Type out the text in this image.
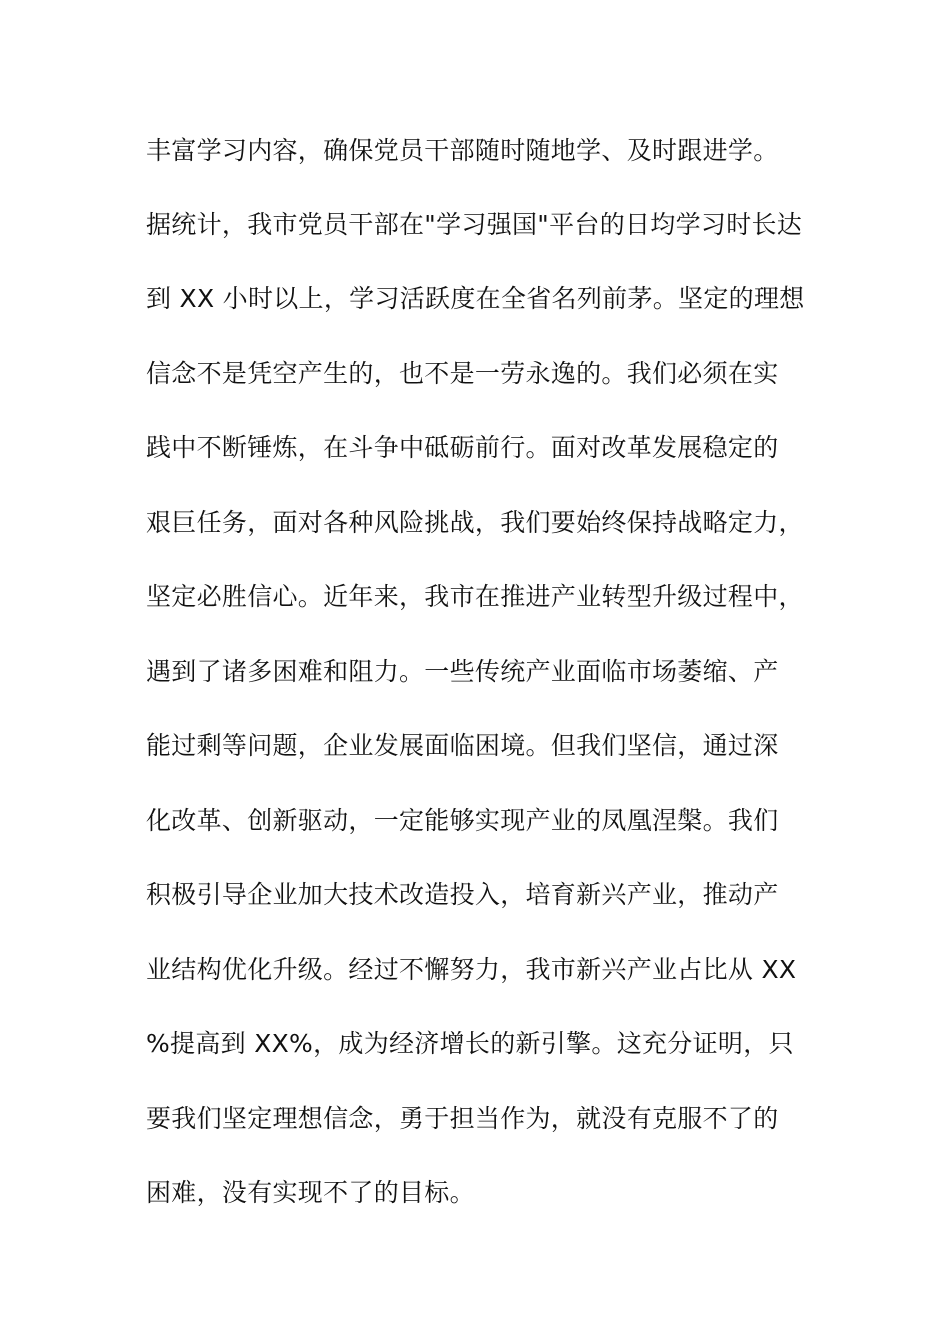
丰富学习内容，确保党员干部随时随地学、及时跟进学。
据统计，我市党员干部在"学习强国"平台的日均学习时长达
到 XX 小时以上，学习活跃度在全省名列前茅。坚定的理想
信念不是凭空产生的，也不是一劳永逸的。我们必须在实
践中不断锤炼，在斗争中砥砺前行。面对改革发展稳定的
艰巨任务，面对各种风险挑战，我们要始终保持战略定力，
坚定必胜信心。近年来，我市在推进产业转型升级过程中，
遇到了诸多困难和阻力。一些传统产业面临市场萎缩、产
能过剩等问题，企业发展面临困境。但我们坚信，通过深
化改革、创新驱动，一定能够实现产业的凤凰涅槃。我们
积极引导企业加大技术改造投入，培育新兴产业，推动产
业结构优化升级。经过不懈努力，我市新兴产业占比从 XX
%提高到 XX%，成为经济增长的新引擎。这充分证明，只
要我们坚定理想信念，勇于担当作为，就没有克服不了的
困难，没有实现不了的目标。
